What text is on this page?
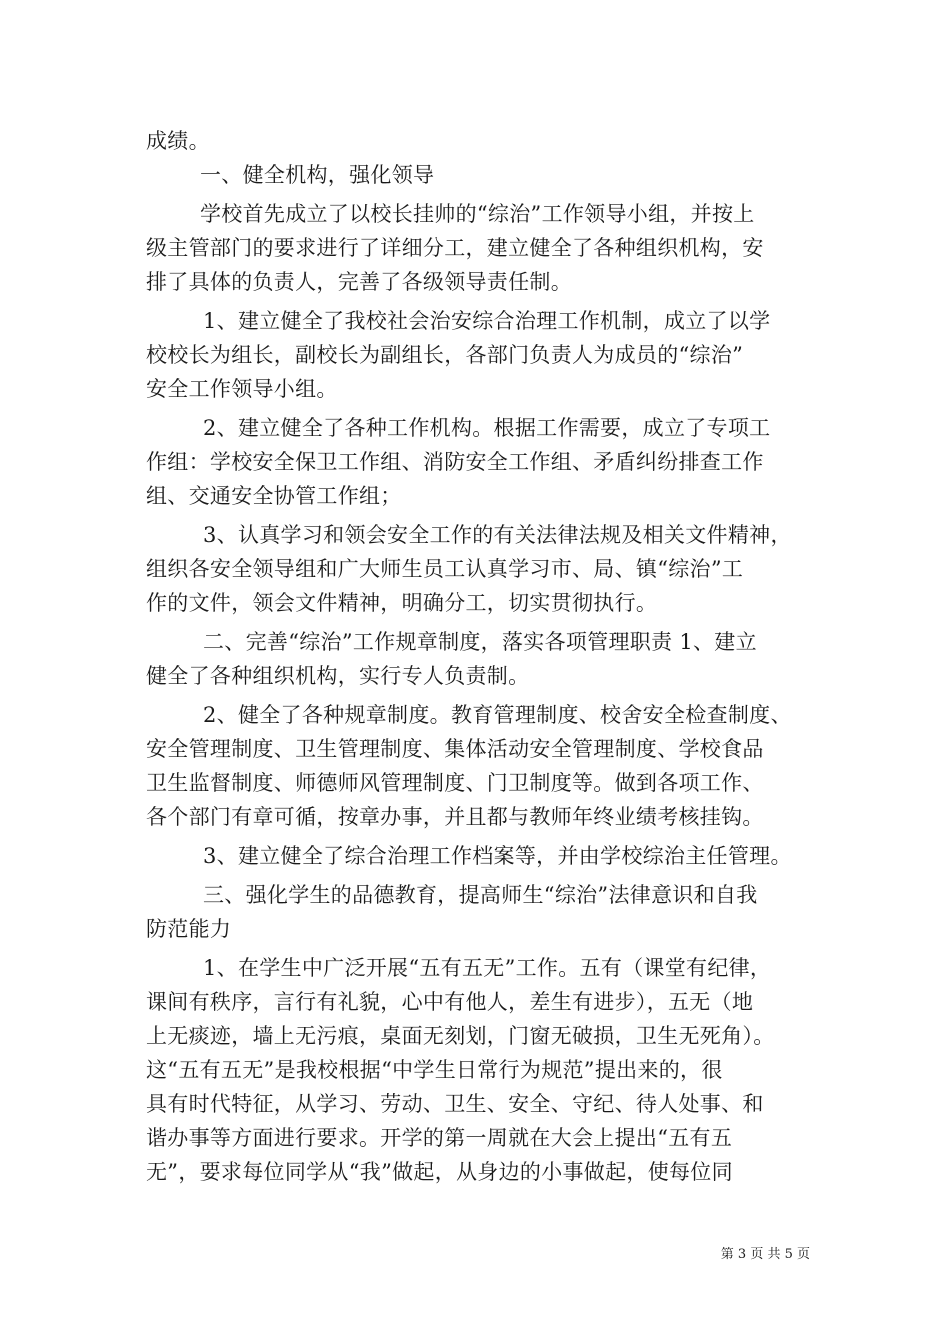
成绩。
一、健全机构，强化领导
学校首先成立了以校长挂帅的“综治”工作领导小组，并按上
级主管部门的要求进行了详细分工，建立健全了各种组织机构，安
排了具体的负责人，完善了各级领导责任制。
1、建立健全了我校社会治安综合治理工作机制，成立了以学
校校长为组长，副校长为副组长，各部门负责人为成员的“综治”
安全工作领导小组。
2、建立健全了各种工作机构。根据工作需要，成立了专项工
作组：学校安全保卫工作组、消防安全工作组、矛盾纠纷排查工作
组、交通安全协管工作组；
3、认真学习和领会安全工作的有关法律法规及相关文件精神，
组织各安全领导组和广大师生员工认真学习市、局、镇“综治”工
作的文件，领会文件精神，明确分工，切实贯彻执行。
二、完善“综治”工作规章制度，落实各项管理职责 1、建立
健全了各种组织机构，实行专人负责制。
2、健全了各种规章制度。教育管理制度、校舍安全检查制度、
安全管理制度、卫生管理制度、集体活动安全管理制度、学校食品
卫生监督制度、师德师风管理制度、门卫制度等。做到各项工作、
各个部门有章可循，按章办事，并且都与教师年终业绩考核挂钩。
3、建立健全了综合治理工作档案等，并由学校综治主任管理。
三、强化学生的品德教育，提高师生“综治”法律意识和自我
防范能力
1、在学生中广泛开展“五有五无”工作。五有（课堂有纪律，
课间有秩序，言行有礼貌，心中有他人，差生有进步），五无（地
上无痰迹，墙上无污痕，桌面无刻划，门窗无破损，卫生无死角）。
这“五有五无”是我校根据“中学生日常行为规范”提出来的，很
具有时代特征，从学习、劳动、卫生、安全、守纪、待人处事、和
谐办事等方面进行要求。开学的第一周就在大会上提出“五有五
无”，要求每位同学从“我”做起，从身边的小事做起，使每位同
第 3 页 共 5 页
